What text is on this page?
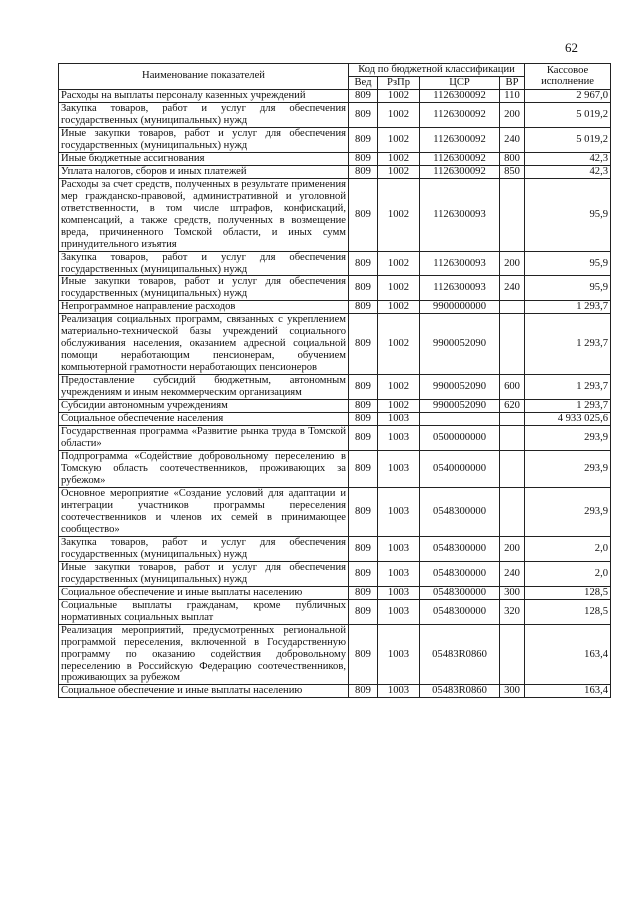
62
Наименование показателей	Код по бюджетной классификации				Кассовое исполнение
	Вед	РзПр	ЦСР	ВР	
Расходы на выплаты персоналу казенных учреждений	809	1002	1126300092	110	2 967,0
Закупка товаров, работ и услуг для обеспечения государственных (муниципальных) нужд	809	1002	1126300092	200	5 019,2
Иные закупки товаров, работ и услуг для обеспечения государственных (муниципальных) нужд	809	1002	1126300092	240	5 019,2
Иные бюджетные ассигнования	809	1002	1126300092	800	42,3
Уплата налогов, сборов и иных платежей	809	1002	1126300092	850	42,3
Расходы за счет средств, полученных в результате применения мер гражданско-правовой, административной и уголовной ответственности, в том числе штрафов, конфискаций, компенсаций, а также средств, полученных в возмещение вреда, причиненного Томской области, и иных сумм принудительного изъятия	809	1002	1126300093		95,9
Закупка товаров, работ и услуг для обеспечения государственных (муниципальных) нужд	809	1002	1126300093	200	95,9
Иные закупки товаров, работ и услуг для обеспечения государственных (муниципальных) нужд	809	1002	1126300093	240	95,9
Непрограммное направление расходов	809	1002	9900000000		1 293,7
Реализация социальных программ, связанных с укреплением материально-технической базы учреждений социального обслуживания населения, оказанием адресной социальной помощи неработающим пенсионерам, обучением компьютерной грамотности неработающих пенсионеров	809	1002	9900052090		1 293,7
Предоставление субсидий бюджетным, автономным учреждениям и иным некоммерческим организациям	809	1002	9900052090	600	1 293,7
Субсидии автономным учреждениям	809	1002	9900052090	620	1 293,7
Социальное обеспечение населения	809	1003			4 933 025,6
Государственная программа «Развитие рынка труда в Томской области»	809	1003	0500000000		293,9
Подпрограмма «Содействие добровольному переселению в Томскую область соотечественников, проживающих за рубежом»	809	1003	0540000000		293,9
Основное мероприятие «Создание условий для адаптации и интеграции участников программы переселения соотечественников и членов их семей в принимающее сообщество»	809	1003	0548300000		293,9
Закупка товаров, работ и услуг для обеспечения государственных (муниципальных) нужд	809	1003	0548300000	200	2,0
Иные закупки товаров, работ и услуг для обеспечения государственных (муниципальных) нужд	809	1003	0548300000	240	2,0
Социальное обеспечение и иные выплаты населению	809	1003	0548300000	300	128,5
Социальные выплаты гражданам, кроме публичных нормативных социальных выплат	809	1003	0548300000	320	128,5
Реализация мероприятий, предусмотренных региональной программой переселения, включенной в Государственную программу по оказанию содействия добровольному переселению в Российскую Федерацию соотечественников, проживающих за рубежом	809	1003	05483R0860		163,4
Социальное обеспечение и иные выплаты населению	809	1003	05483R0860	300	163,4
